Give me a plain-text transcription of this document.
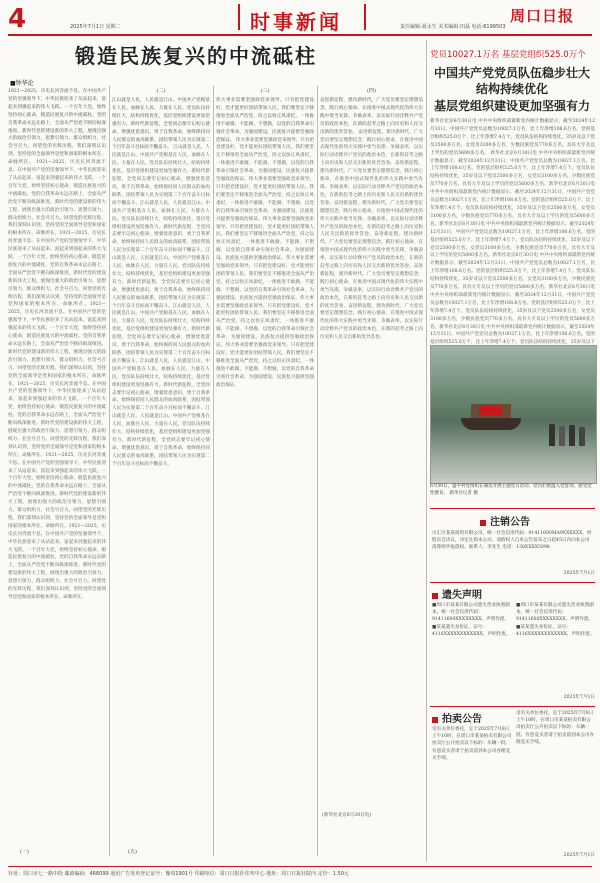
4	2025年7月1日 星期二	时事新闻	周口日报
责任编辑:聂永生 美术编辑:田磊 电话:6199503
锻造民族复兴的中流砥柱
■钟华论
1921—2025，历史长河奔流不息。在中国共产党的坚强领导下，中华民族迎来了从站起来、富起来到强起来的伟大飞跃。一个百年大党，始终坚持初心使命，锻造民族复兴的中流砥柱。党的自我革命永远在路上，全面从严治党不断向纵深推进。新时代党的建设新的伟大工程，展现出强大的政治引领力、思想引领力、群众组织力、社会号召力。回望党的光辉历程，我们深刻认识到，坚持党的全面领导是党和国家的根本所在、命脉所在。 1921—2025，历史长河奔流不息。在中国共产党的坚强领导下，中华民族迎来了从站起来、富起来到强起来的伟大飞跃。一个百年大党，始终坚持初心使命，锻造民族复兴的中流砥柱。党的自我革命永远在路上，全面从严治党不断向纵深推进。新时代党的建设新的伟大工程，展现出强大的政治引领力、思想引领力、群众组织力、社会号召力。回望党的光辉历程，我们深刻认识到，坚持党的全面领导是党和国家的根本所在、命脉所在。1921—2025，历史长河奔流不息。在中国共产党的坚强领导下，中华民族迎来了从站起来、富起来到强起来的伟大飞跃。一个百年大党，始终坚持初心使命，锻造民族复兴的中流砥柱。党的自我革命永远在路上，全面从严治党不断向纵深推进。新时代党的建设新的伟大工程，展现出强大的政治引领力、思想引领力、群众组织力、社会号召力。回望党的光辉历程，我们深刻认识到，坚持党的全面领导是党和国家的根本所在、命脉所在。1921—2025，历史长河奔流不息。在中国共产党的坚强领导下，中华民族迎来了从站起来、富起来到强起来的伟大飞跃。一个百年大党，始终坚持初心使命，锻造民族复兴的中流砥柱。党的自我革命永远在路上，全面从严治党不断向纵深推进。新时代党的建设新的伟大工程，展现出强大的政治引领力、思想引领力、群众组织力、社会号召力。回望党的光辉历程，我们深刻认识到，坚持党的全面领导是党和国家的根本所在、命脉所在。1921—2025，历史长河奔流不息。在中国共产党的坚强领导下，中华民族迎来了从站起来、富起来到强起来的伟大飞跃。一个百年大党，始终坚持初心使命，锻造民族复兴的中流砥柱。党的自我革命永远在路上，全面从严治党不断向纵深推进。新时代党的建设新的伟大工程，展现出强大的政治引领力、思想引领力、群众组织力、社会号召力。回望党的光辉历程，我们深刻认识到，坚持党的全面领导是党和国家的根本所在、命脉所在。1921—2025，历史长河奔流不息。在中国共产党的坚强领导下，中华民族迎来了从站起来、富起来到强起来的伟大飞跃。一个百年大党，始终坚持初心使命，锻造民族复兴的中流砥柱。党的自我革命永远在路上，全面从严治党不断向纵深推进。新时代党的建设新的伟大工程，展现出强大的政治引领力、思想引领力、群众组织力、社会号召力。回望党的光辉历程，我们深刻认识到，坚持党的全面领导是党和国家的根本所在、命脉所在。1921—2025，历史长河奔流不息。在中国共产党的坚强领导下，中华民族迎来了从站起来、富起来到强起来的伟大飞跃。一个百年大党，始终坚持初心使命，锻造民族复兴的中流砥柱。党的自我革命永远在路上，全面从严治党不断向纵深推进。新时代党的建设新的伟大工程，展现出强大的政治引领力、思想引领力、群众组织力、社会号召力。回望党的光辉历程，我们深刻认识到，坚持党的全面领导是党和国家的根本所在、命脉所在。
(二)
江山就是人民，人民就是江山。中国共产党根基在人民、血脉在人民、力量在人民。党员队伍持续壮大，结构持续优化，基层党组织建设更加坚强有力。新时代新征程，全党同志要牢记初心使命，增强忧患意识，勇于自我革命，始终保持同人民群众的血肉联系，团结带领人民为实现第二个百年奋斗目标而不懈奋斗。 江山就是人民，人民就是江山。中国共产党根基在人民、血脉在人民、力量在人民。党员队伍持续壮大，结构持续优化，基层党组织建设更加坚强有力。新时代新征程，全党同志要牢记初心使命，增强忧患意识，勇于自我革命，始终保持同人民群众的血肉联系，团结带领人民为实现第二个百年奋斗目标而不懈奋斗。江山就是人民，人民就是江山。中国共产党根基在人民、血脉在人民、力量在人民。党员队伍持续壮大，结构持续优化，基层党组织建设更加坚强有力。新时代新征程，全党同志要牢记初心使命，增强忧患意识，勇于自我革命，始终保持同人民群众的血肉联系，团结带领人民为实现第二个百年奋斗目标而不懈奋斗。江山就是人民，人民就是江山。中国共产党根基在人民、血脉在人民、力量在人民。党员队伍持续壮大，结构持续优化，基层党组织建设更加坚强有力。新时代新征程，全党同志要牢记初心使命，增强忧患意识，勇于自我革命，始终保持同人民群众的血肉联系，团结带领人民为实现第二个百年奋斗目标而不懈奋斗。江山就是人民，人民就是江山。中国共产党根基在人民、血脉在人民、力量在人民。党员队伍持续壮大，结构持续优化，基层党组织建设更加坚强有力。新时代新征程，全党同志要牢记初心使命，增强忧患意识，勇于自我革命，始终保持同人民群众的血肉联系，团结带领人民为实现第二个百年奋斗目标而不懈奋斗。江山就是人民，人民就是江山。中国共产党根基在人民、血脉在人民、力量在人民。党员队伍持续壮大，结构持续优化，基层党组织建设更加坚强有力。新时代新征程，全党同志要牢记初心使命，增强忧患意识，勇于自我革命，始终保持同人民群众的血肉联系，团结带领人民为实现第二个百年奋斗目标而不懈奋斗。江山就是人民，人民就是江山。中国共产党根基在人民、血脉在人民、力量在人民。党员队伍持续壮大，结构持续优化，基层党组织建设更加坚强有力。新时代新征程，全党同志要牢记初心使命，增强忧患意识，勇于自我革命，始终保持同人民群众的血肉联系，团结带领人民为实现第二个百年奋斗目标而不懈奋斗。
(三)
伟大事业需要坚强政党来领导。只有把党建设好，党才能更好团结带领人民。我们要坚定不移推进全面从严治党，持之以恒正风肃纪，一体推进不敢腐、不能腐、不想腐，以党的自我革命引领社会革命，为强国建设、民族复兴提供坚强政治保证。 伟大事业需要坚强政党来领导。只有把党建设好，党才能更好团结带领人民。我们要坚定不移推进全面从严治党，持之以恒正风肃纪，一体推进不敢腐、不能腐、不想腐，以党的自我革命引领社会革命，为强国建设、民族复兴提供坚强政治保证。伟大事业需要坚强政党来领导。只有把党建设好，党才能更好团结带领人民。我们要坚定不移推进全面从严治党，持之以恒正风肃纪，一体推进不敢腐、不能腐、不想腐，以党的自我革命引领社会革命，为强国建设、民族复兴提供坚强政治保证。伟大事业需要坚强政党来领导。只有把党建设好，党才能更好团结带领人民。我们要坚定不移推进全面从严治党，持之以恒正风肃纪，一体推进不敢腐、不能腐、不想腐，以党的自我革命引领社会革命，为强国建设、民族复兴提供坚强政治保证。伟大事业需要坚强政党来领导。只有把党建设好，党才能更好团结带领人民。我们要坚定不移推进全面从严治党，持之以恒正风肃纪，一体推进不敢腐、不能腐、不想腐，以党的自我革命引领社会革命，为强国建设、民族复兴提供坚强政治保证。伟大事业需要坚强政党来领导。只有把党建设好，党才能更好团结带领人民。我们要坚定不移推进全面从严治党，持之以恒正风肃纪，一体推进不敢腐、不能腐、不想腐，以党的自我革命引领社会革命，为强国建设、民族复兴提供坚强政治保证。伟大事业需要坚强政党来领导。只有把党建设好，党才能更好团结带领人民。我们要坚定不移推进全面从严治党，持之以恒正风肃纪，一体推进不敢腐、不能腐、不想腐，以党的自我革命引领社会革命，为强国建设、民族复兴提供坚强政治保证。
(四)
奋进新征程，建功新时代。广大党员要坚定理想信念，践行初心使命，在推进中国式现代化的伟大实践中勇当先锋、争做表率，以实际行动诠释共产党员的政治本色，在新的赶考之路上向历史和人民交出新的优异答卷。 奋进新征程，建功新时代。广大党员要坚定理想信念，践行初心使命，在推进中国式现代化的伟大实践中勇当先锋、争做表率，以实际行动诠释共产党员的政治本色，在新的赶考之路上向历史和人民交出新的优异答卷。奋进新征程，建功新时代。广大党员要坚定理想信念，践行初心使命，在推进中国式现代化的伟大实践中勇当先锋、争做表率，以实际行动诠释共产党员的政治本色，在新的赶考之路上向历史和人民交出新的优异答卷。奋进新征程，建功新时代。广大党员要坚定理想信念，践行初心使命，在推进中国式现代化的伟大实践中勇当先锋、争做表率，以实际行动诠释共产党员的政治本色，在新的赶考之路上向历史和人民交出新的优异答卷。奋进新征程，建功新时代。广大党员要坚定理想信念，践行初心使命，在推进中国式现代化的伟大实践中勇当先锋、争做表率，以实际行动诠释共产党员的政治本色，在新的赶考之路上向历史和人民交出新的优异答卷。奋进新征程，建功新时代。广大党员要坚定理想信念，践行初心使命，在推进中国式现代化的伟大实践中勇当先锋、争做表率，以实际行动诠释共产党员的政治本色，在新的赶考之路上向历史和人民交出新的优异答卷。奋进新征程，建功新时代。广大党员要坚定理想信念，践行初心使命，在推进中国式现代化的伟大实践中勇当先锋、争做表率，以实际行动诠释共产党员的政治本色，在新的赶考之路上向历史和人民交出新的优异答卷。
(新华社北京6月30日电)
(一)	(五)
党员10027.1万名 基层党组织525.0万个
中国共产党党员队伍稳步壮大
结构持续优化
基层党组织建设更加坚强有力
新华社北京6月30日电 中共中央组织部最新党内统计数据显示，截至2024年12月31日，中国共产党党员总数为10027.1万名，比上年净增108.6万名。党的基层组织525.0万个，比上年净增7.4万个。党员队伍结构持续优化，35岁及以下党员2500多万名，女党员3100多万名，少数民族党员770多万名。具有大专及以上学历的党员5600多万名。 新华社北京6月30日电 中共中央组织部最新党内统计数据显示，截至2024年12月31日，中国共产党党员总数为10027.1万名，比上年净增108.6万名。党的基层组织525.0万个，比上年净增7.4万个。党员队伍结构持续优化，35岁及以下党员2500多万名，女党员3100多万名，少数民族党员770多万名。具有大专及以上学历的党员5600多万名。新华社北京6月30日电 中共中央组织部最新党内统计数据显示，截至2024年12月31日，中国共产党党员总数为10027.1万名，比上年净增108.6万名。党的基层组织525.0万个，比上年净增7.4万个。党员队伍结构持续优化，35岁及以下党员2500多万名，女党员3100多万名，少数民族党员770多万名。具有大专及以上学历的党员5600多万名。新华社北京6月30日电 中共中央组织部最新党内统计数据显示，截至2024年12月31日，中国共产党党员总数为10027.1万名，比上年净增108.6万名。党的基层组织525.0万个，比上年净增7.4万个。党员队伍结构持续优化，35岁及以下党员2500多万名，女党员3100多万名，少数民族党员770多万名。具有大专及以上学历的党员5600多万名。新华社北京6月30日电 中共中央组织部最新党内统计数据显示，截至2024年12月31日，中国共产党党员总数为10027.1万名，比上年净增108.6万名。党的基层组织525.0万个，比上年净增7.4万个。党员队伍结构持续优化，35岁及以下党员2500多万名，女党员3100多万名，少数民族党员770多万名。具有大专及以上学历的党员5600多万名。新华社北京6月30日电 中共中央组织部最新党内统计数据显示，截至2024年12月31日，中国共产党党员总数为10027.1万名，比上年净增108.6万名。党的基层组织525.0万个，比上年净增7.4万个。党员队伍结构持续优化，35岁及以下党员2500多万名，女党员3100多万名，少数民族党员770多万名。具有大专及以上学历的党员5600多万名。新华社北京6月30日电 中共中央组织部最新党内统计数据显示，截至2024年12月31日，中国共产党党员总数为10027.1万名，比上年净增108.6万名。党的基层组织525.0万个，比上年净增7.4万个。党员队伍结构持续优化，35岁及以下
6月30日，盛平村党组织在湖边开展主题党日活动，党员们重温入党誓词，接受党性教育。 新华社记者 摄
注销公告
川汇区某某商贸有限公司，统一社会信用代码：91411600MA9XXXXXX，经股东会决议，决定注销本公司，请债权人自本公告发布之日起45日内向本公司清算组申报债权。联系人：李先生 电话：138XXXX5996
2025年7月1日
遗失声明
■周口市某某有限公司遗失营业执照副本，统一社会信用代码：91411600XXXXXXXX，声明作废。■某某遗失身份证，证号：4116XXXXXXXXXXXX，声明作废。
■周口市某某有限公司遗失营业执照副本，统一社会信用代码：91411600XXXXXXXX，声明作废。■某某遗失身份证，证号：4116XXXXXXXXXXXX，声明作废。
2025年7月1日
拍卖公告
受有关单位委托，定于2025年7月8日上午10时，在周口市某某拍卖有限公司拍卖厅公开拍卖以下标的：车辆一批。有意竞买者请于拍卖前到本公司办理竞买手续。
受有关单位委托，定于2025年7月8日上午10时，在周口市某某拍卖有限公司拍卖厅公开拍卖以下标的：车辆一批。有意竞买者请于拍卖前到本公司办理竞买手续。
2025年7月1日
社址：周口市七一路中段 邮政编码：466099 通讯广告发布登记证号：豫周1901号 印刷单位：周口日报社印务中心 地址：周口日报社院内 定价：1.50元
